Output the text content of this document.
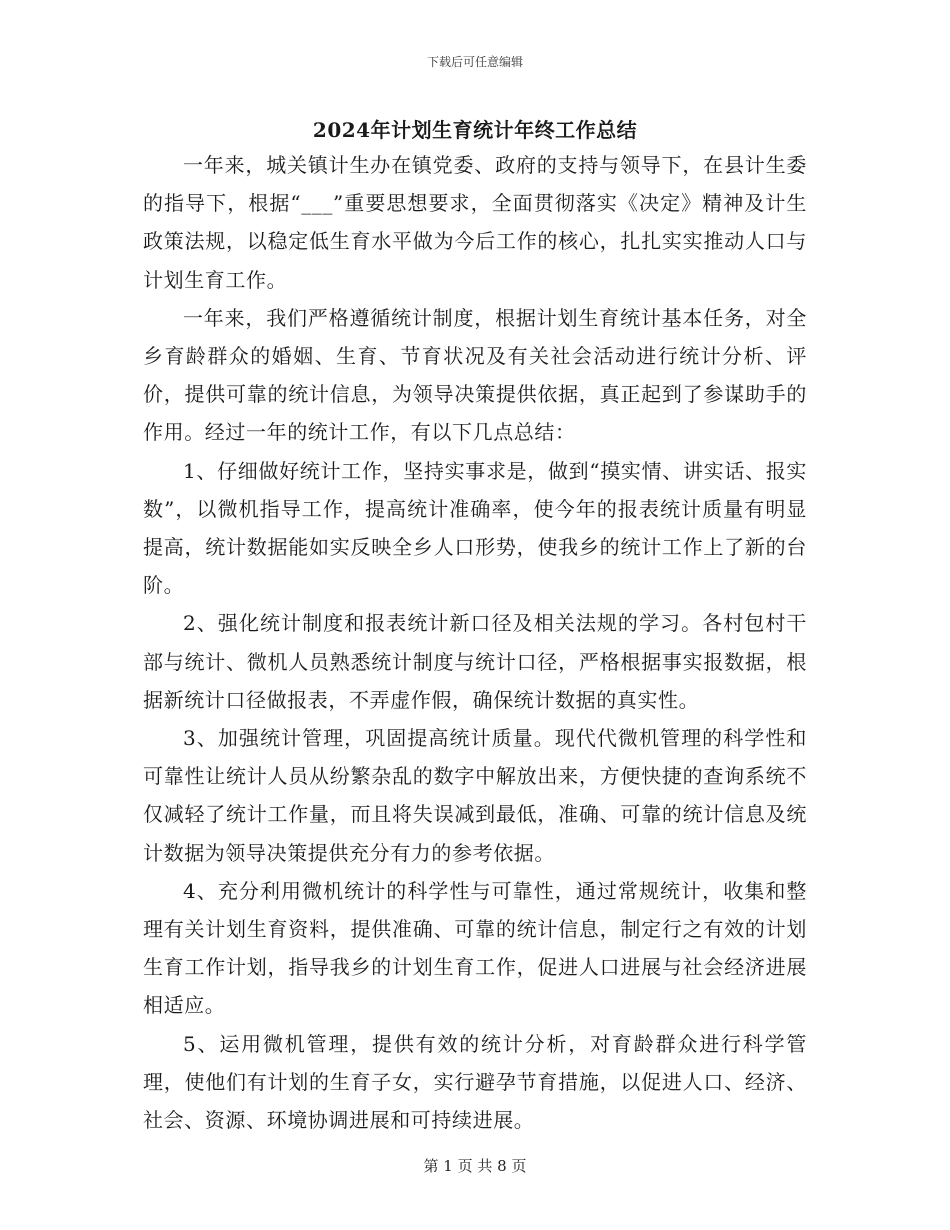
下载后可任意编辑
2024年计划生育统计年终工作总结

一年来，城关镇计生办在镇党委、政府的支持与领导下，在县计生委的指导下，根据“___”重要思想要求，全面贯彻落实《决定》精神及计生政策法规，以稳定低生育水平做为今后工作的核心，扎扎实实推动人口与计划生育工作。

一年来，我们严格遵循统计制度，根据计划生育统计基本任务，对全乡育龄群众的婚姻、生育、节育状况及有关社会活动进行统计分析、评价，提供可靠的统计信息，为领导决策提供依据，真正起到了参谋助手的作用。经过一年的统计工作，有以下几点总结：

1、仔细做好统计工作，坚持实事求是，做到“摸实情、讲实话、报实数”，以微机指导工作，提高统计准确率，使今年的报表统计质量有明显提高，统计数据能如实反映全乡人口形势，使我乡的统计工作上了新的台阶。

2、强化统计制度和报表统计新口径及相关法规的学习。各村包村干部与统计、微机人员熟悉统计制度与统计口径，严格根据事实报数据，根据新统计口径做报表，不弄虚作假，确保统计数据的真实性。

3、加强统计管理，巩固提高统计质量。现代代微机管理的科学性和可靠性让统计人员从纷繁杂乱的数字中解放出来，方便快捷的查询系统不仅减轻了统计工作量，而且将失误减到最低，准确、可靠的统计信息及统计数据为领导决策提供充分有力的参考依据。

4、充分利用微机统计的科学性与可靠性，通过常规统计，收集和整理有关计划生育资料，提供准确、可靠的统计信息，制定行之有效的计划生育工作计划，指导我乡的计划生育工作，促进人口进展与社会经济进展相适应。

5、运用微机管理，提供有效的统计分析，对育龄群众进行科学管理，使他们有计划的生育子女，实行避孕节育措施，以促进人口、经济、社会、资源、环境协调进展和可持续进展。

第 1 页 共 8 页
